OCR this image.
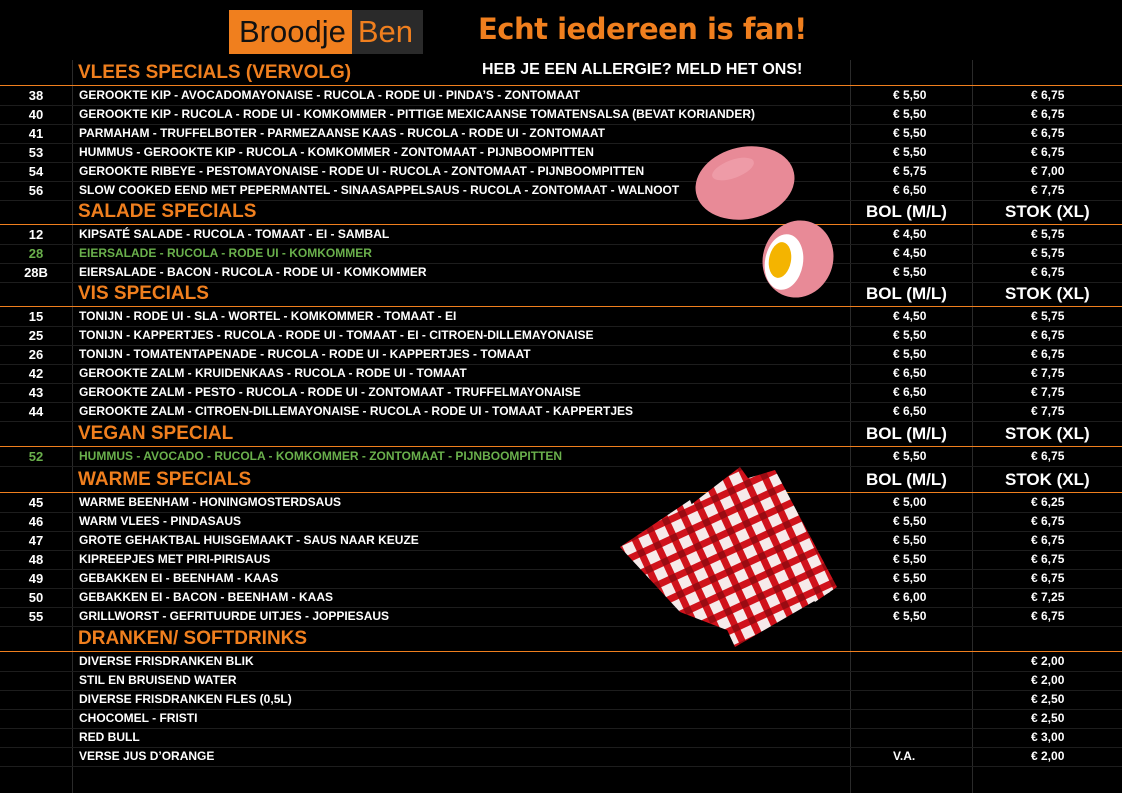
Broodje Ben	Echt iedereen is fan!
VLEES SPECIALS (VERVOLG)	HEB JE EEN ALLERGIE? MELD HET ONS!
38	GEROOKTE KIP - AVOCADOMAYONAISE - RUCOLA - RODE UI - PINDA’S - ZONTOMAAT	€ 5,50	€ 6,75
40	GEROOKTE KIP - RUCOLA - RODE UI - KOMKOMMER - PITTIGE MEXICAANSE TOMATENSALSA (BEVAT KORIANDER)	€ 5,50	€ 6,75
41	PARMAHAM - TRUFFELBOTER - PARMEZAANSE KAAS - RUCOLA - RODE UI - ZONTOMAAT	€ 5,50	€ 6,75
53	HUMMUS - GEROOKTE KIP - RUCOLA - KOMKOMMER - ZONTOMAAT - PIJNBOOMPITTEN	€ 5,50	€ 6,75
54	GEROOKTE RIBEYE - PESTOMAYONAISE - RODE UI - RUCOLA - ZONTOMAAT - PIJNBOOMPITTEN	€ 5,75	€ 7,00
56	SLOW COOKED EEND MET PEPERMANTEL - SINAASAPPELSAUS - RUCOLA - ZONTOMAAT - WALNOOT	€ 6,50	€ 7,75
SALADE SPECIALS	BOL (M/L)	STOK (XL)
12	KIPSATÉ SALADE - RUCOLA - TOMAAT - EI - SAMBAL	€ 4,50	€ 5,75
28	EIERSALADE - RUCOLA - RODE UI - KOMKOMMER	€ 4,50	€ 5,75
28B	EIERSALADE - BACON - RUCOLA - RODE UI - KOMKOMMER	€ 5,50	€ 6,75
VIS SPECIALS	BOL (M/L)	STOK (XL)
15	TONIJN - RODE UI - SLA - WORTEL - KOMKOMMER - TOMAAT - EI	€ 4,50	€ 5,75
25	TONIJN - KAPPERTJES - RUCOLA - RODE UI - TOMAAT - EI - CITROEN-DILLEMAYONAISE	€ 5,50	€ 6,75
26	TONIJN - TOMATENTAPENADE - RUCOLA - RODE UI - KAPPERTJES - TOMAAT	€ 5,50	€ 6,75
42	GEROOKTE ZALM - KRUIDENKAAS - RUCOLA - RODE UI - TOMAAT	€ 6,50	€ 7,75
43	GEROOKTE ZALM - PESTO - RUCOLA - RODE UI - ZONTOMAAT - TRUFFELMAYONAISE	€ 6,50	€ 7,75
44	GEROOKTE ZALM - CITROEN-DILLEMAYONAISE - RUCOLA - RODE UI - TOMAAT - KAPPERTJES	€ 6,50	€ 7,75
VEGAN SPECIAL	BOL (M/L)	STOK (XL)
52	HUMMUS - AVOCADO - RUCOLA - KOMKOMMER - ZONTOMAAT - PIJNBOOMPITTEN	€ 5,50	€ 6,75
WARME SPECIALS	BOL (M/L)	STOK (XL)
45	WARME BEENHAM - HONINGMOSTERDSAUS	€ 5,00	€ 6,25
46	WARM VLEES - PINDASAUS	€ 5,50	€ 6,75
47	GROTE GEHAKTBAL HUISGEMAAKT - SAUS NAAR KEUZE	€ 5,50	€ 6,75
48	KIPREEPJES MET PIRI-PIRISAUS	€ 5,50	€ 6,75
49	GEBAKKEN EI - BEENHAM - KAAS	€ 5,50	€ 6,75
50	GEBAKKEN EI - BACON - BEENHAM - KAAS	€ 6,00	€ 7,25
55	GRILLWORST - GEFRITUURDE UITJES - JOPPIESAUS	€ 5,50	€ 6,75
DRANKEN/ SOFTDRINKS
DIVERSE FRISDRANKEN BLIK	€ 2,00
STIL EN BRUISEND WATER	€ 2,00
DIVERSE FRISDRANKEN FLES (0,5L)	€ 2,50
CHOCOMEL - FRISTI	€ 2,50
RED BULL	€ 3,00
VERSE JUS D’ORANGE	V.A.	€ 2,00
